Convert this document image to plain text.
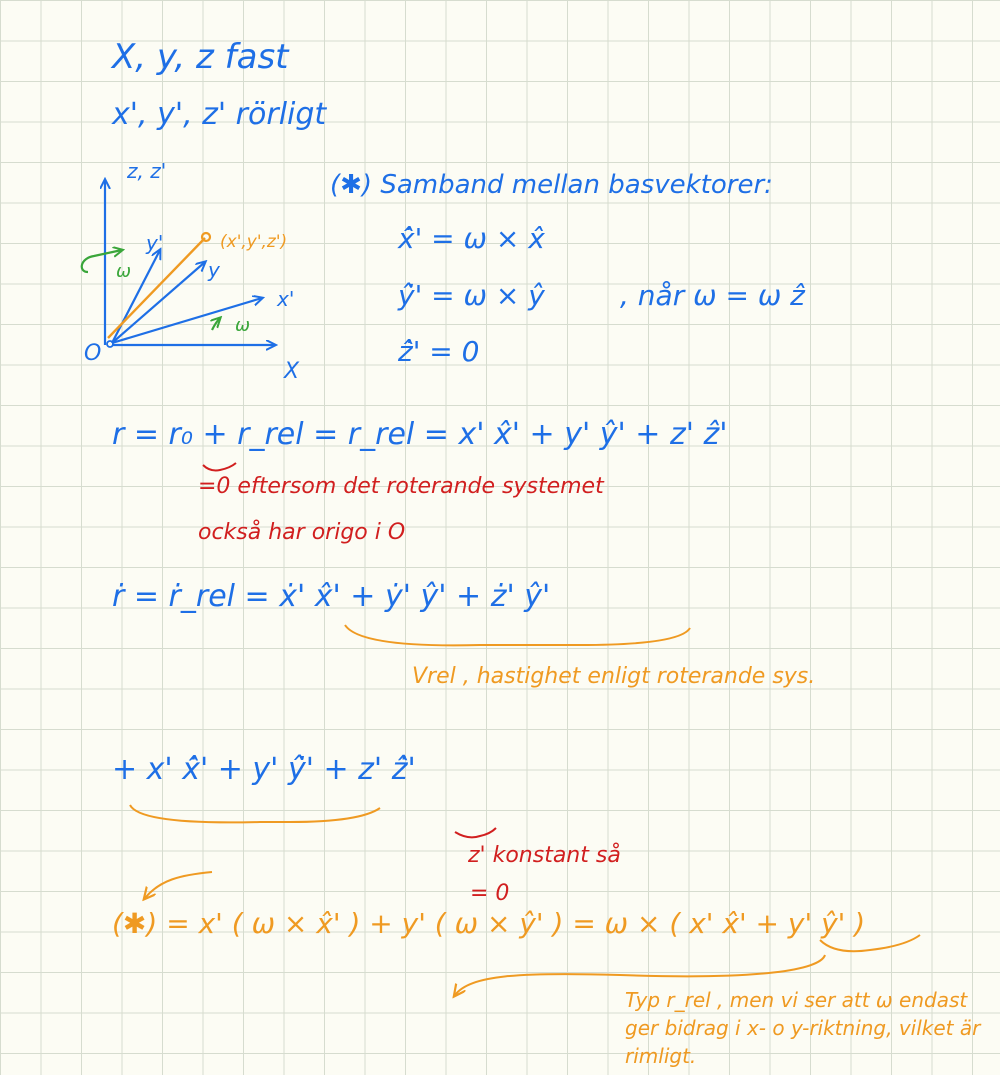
X, y, z fast
x', y', z' rörligt
z, z'
y'
y
x'
X
O
(x',y',z')
ω
ω
(✱) Samband mellan basvektorer:
x̂̇' = ω × x̂
ŷ̇' = ω × ŷ	, når ω = ω ẑ
ẑ̇' = 0
r = r₀ + r_rel = r_rel = x' x̂' + y' ŷ' + z' ẑ'
=0 eftersom det roterande systemet
också har origo i O
ṙ = ṙ_rel = ẋ' x̂' + ẏ' ŷ' + ż' ŷ'
Vrel , hastighet enligt roterande sys.
+ x' x̂̇' + y' ŷ̇' + z' ẑ̇'
z' konstant så
= 0
(✱) = x' ( ω × x̂' ) + y' ( ω × ŷ' ) = ω × ( x' x̂' + y' ŷ' )
Typ r_rel , men vi ser att ω endast
ger bidrag i x- o y-riktning, vilket är
rimligt.
